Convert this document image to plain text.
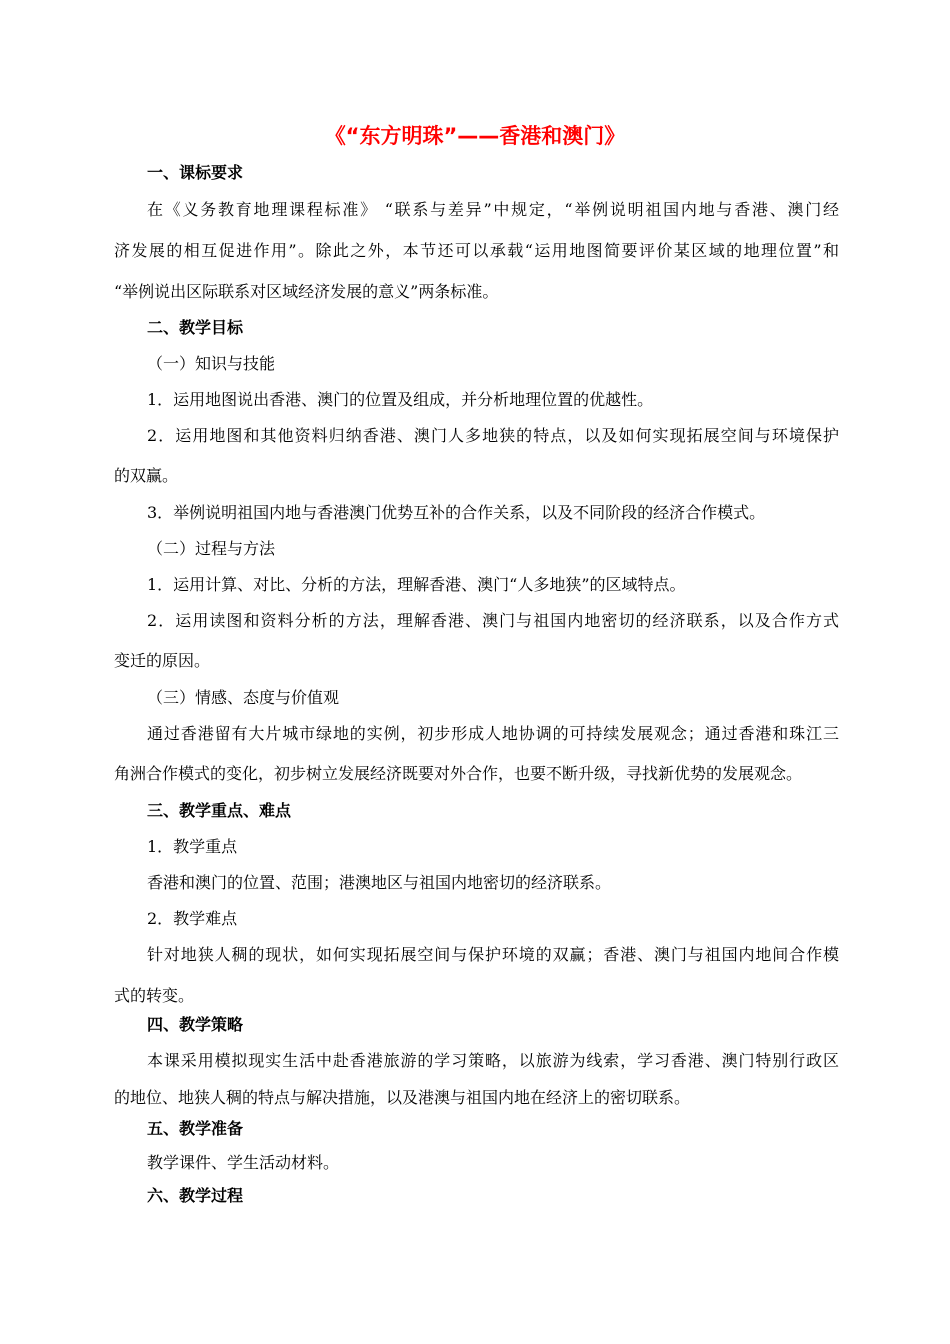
《“东方明珠”——香港和澳门》
一、课标要求
在《义务教育地理课程标准》 “联系与差异”中规定，“举例说明祖国内地与香港、澳门经
济发展的相互促进作用”。除此之外，本节还可以承载“运用地图简要评价某区域的地理位置”和
“举例说出区际联系对区域经济发展的意义”两条标准。
二、教学目标
（一）知识与技能
1．运用地图说出香港、澳门的位置及组成，并分析地理位置的优越性。
2．运用地图和其他资料归纳香港、澳门人多地狭的特点，以及如何实现拓展空间与环境保护
的双赢。
3．举例说明祖国内地与香港澳门优势互补的合作关系，以及不同阶段的经济合作模式。
（二）过程与方法
1．运用计算、对比、分析的方法，理解香港、澳门“人多地狭”的区域特点。
2．运用读图和资料分析的方法，理解香港、澳门与祖国内地密切的经济联系，以及合作方式
变迁的原因。
（三）情感、态度与价值观
通过香港留有大片城市绿地的实例，初步形成人地协调的可持续发展观念；通过香港和珠江三
角洲合作模式的变化，初步树立发展经济既要对外合作，也要不断升级，寻找新优势的发展观念。
三、教学重点、难点
1．教学重点
香港和澳门的位置、范围；港澳地区与祖国内地密切的经济联系。
2．教学难点
针对地狭人稠的现状，如何实现拓展空间与保护环境的双赢；香港、澳门与祖国内地间合作模
式的转变。
四、教学策略
本课采用模拟现实生活中赴香港旅游的学习策略，以旅游为线索，学习香港、澳门特别行政区
的地位、地狭人稠的特点与解决措施，以及港澳与祖国内地在经济上的密切联系。
五、教学准备
教学课件、学生活动材料。
六、教学过程
